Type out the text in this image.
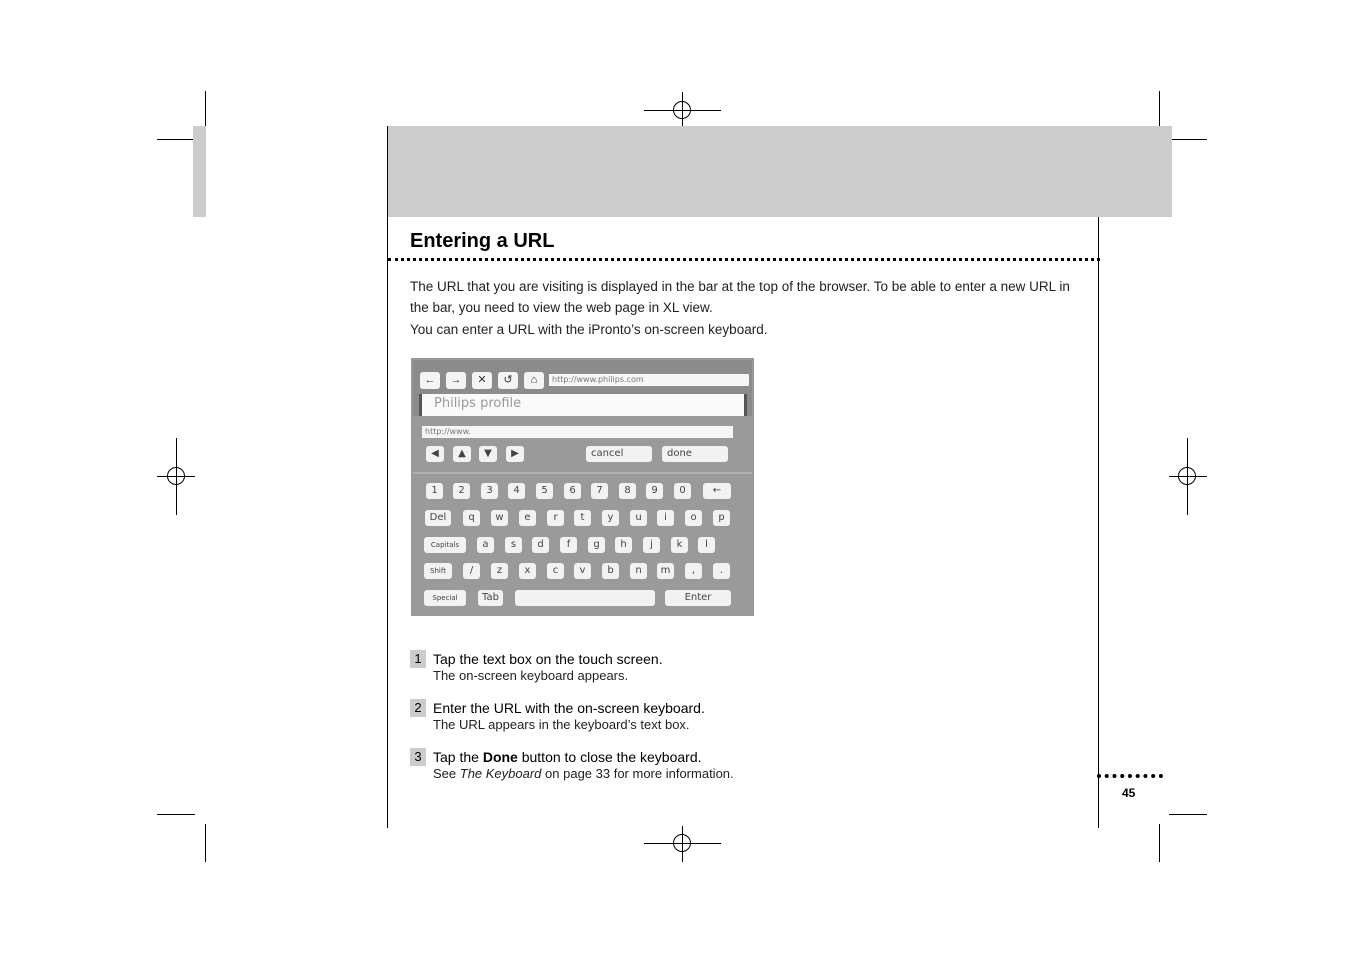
The Browser
Entering a URL
The URL that you are visiting is displayed in the bar at the top of the browser. To be able to enter a new URL in the bar, you need to view the web page in XL view.
You can enter a URL with the iPronto’s on-screen keyboard.
←	→	✕	↺	⌂	http://www.philips.com
Philips profile
http://www.
◀	▲	▼	▶	cancel	done
1	2	3	4	5	6	7	8	9	0	←
Del	q	w	e	r	t	y	u	i	o	p
Capitals	a	s	d	f	g	h	j	k	l
Shift	/	z	x	c	v	b	n	m	,	.
Special	Tab	Enter
1 Tap the text box on the touch screen.
The on-screen keyboard appears.
2 Enter the URL with the on-screen keyboard.
The URL appears in the keyboard’s text box.
3 Tap the Done button to close the keyboard.
See The Keyboard on page 33 for more information.
45
